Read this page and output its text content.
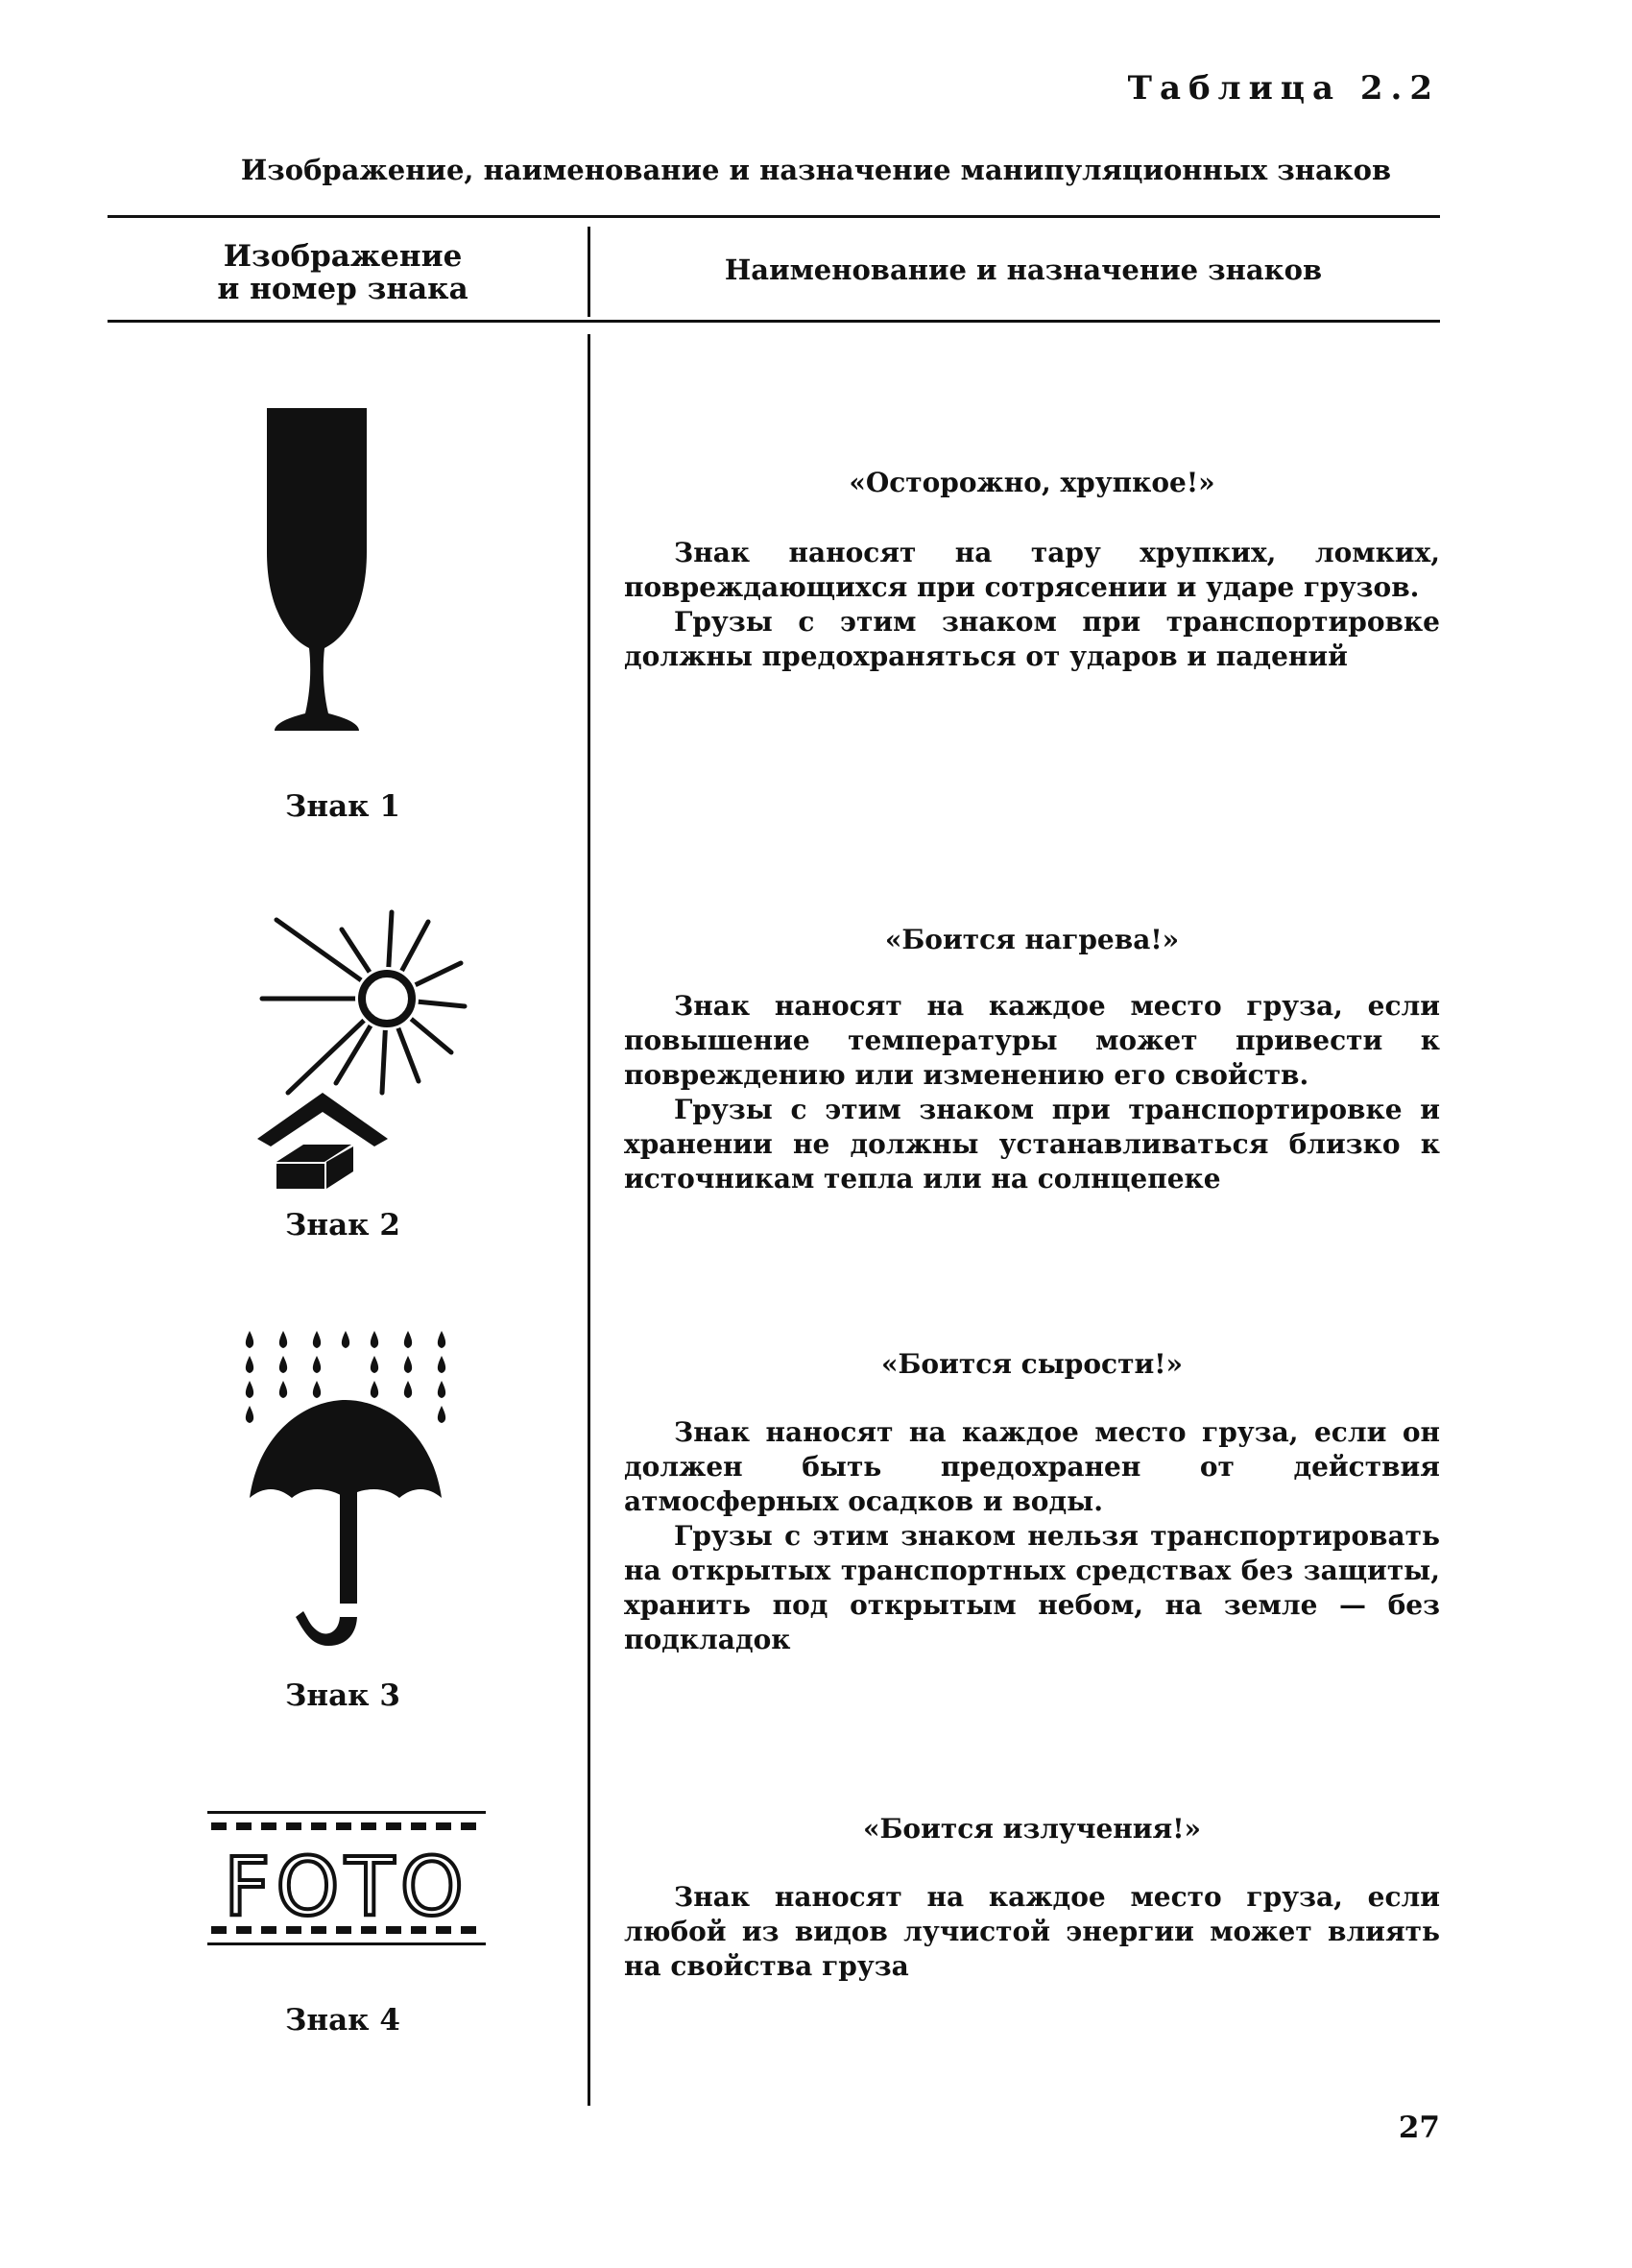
Таблица 2.2
Изображение, наименование и назначение манипуляционных знаков
Изображение
и номер знака
Наименование и назначение знаков
Знак 1
«Осторожно, хрупкое!»

Знак наносят на тару хрупких, ломких, повреждающихся при сотрясении и ударе грузов.

Грузы с этим знаком при транспортировке должны предохраняться от ударов и падений

Знак 2
«Боится нагрева!»

Знак наносят на каждое место груза, если повышение температуры может привести к повреждению или изменению его свойств.

Грузы с этим знаком при транспортировке и хранении не должны устанавливаться близко к источникам тепла или на солнцепеке

Знак 3
«Боится сырости!»

Знак наносят на каждое место груза, если он должен быть предохранен от действия атмосферных осадков и воды.

Грузы с этим знаком нельзя транспортировать на открытых транспортных средствах без защиты, хранить под открытым небом, на земле — без подкладок

FOTO
Знак 4
«Боится излучения!»

Знак наносят на каждое место груза, если любой из видов лучистой энергии может влиять на свойства груза

27
